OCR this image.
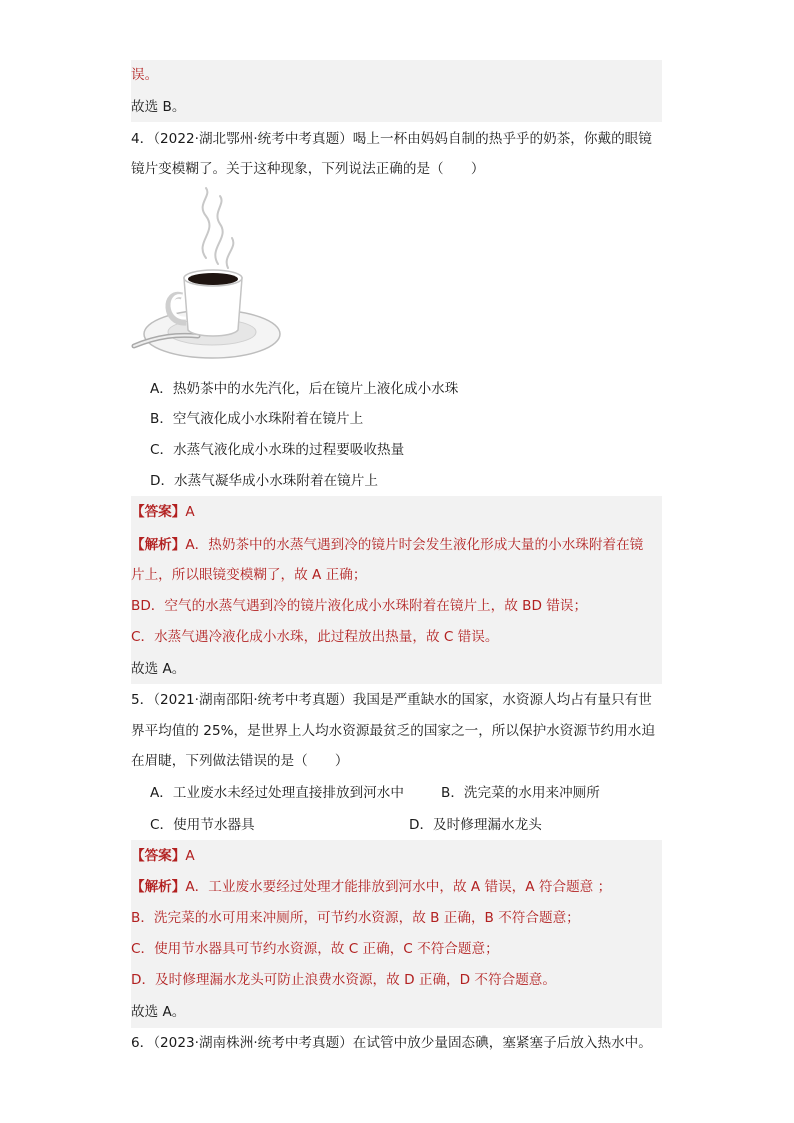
误。
故选 B。
4．（2022·湖北鄂州·统考中考真题）喝上一杯由妈妈自制的热乎乎的奶茶，你戴的眼镜
镜片变模糊了。关于这种现象，下列说法正确的是（　　）
A．热奶茶中的水先汽化，后在镜片上液化成小水珠
B．空气液化成小水珠附着在镜片上
C．水蒸气液化成小水珠的过程要吸收热量
D．水蒸气凝华成小水珠附着在镜片上
【答案】A
【解析】A．热奶茶中的水蒸气遇到冷的镜片时会发生液化形成大量的小水珠附着在镜
片上，所以眼镜变模糊了，故 A 正确；
BD．空气的水蒸气遇到冷的镜片液化成小水珠附着在镜片上，故 BD 错误；
C．水蒸气遇冷液化成小水珠，此过程放出热量，故 C 错误。
故选 A。
5．（2021·湖南邵阳·统考中考真题）我国是严重缺水的国家，水资源人均占有量只有世
界平均值的 25%，是世界上人均水资源最贫乏的国家之一，所以保护水资源节约用水迫
在眉睫，下列做法错误的是（　　）
A．工业废水未经过处理直接排放到河水中	B．洗完菜的水用来冲厕所
C．使用节水器具	D．及时修理漏水龙头
【答案】A
【解析】A．工业废水要经过处理才能排放到河水中，故 A 错误，A 符合题意 ；
B．洗完菜的水可用来冲厕所，可节约水资源，故 B 正确，B 不符合题意；
C．使用节水器具可节约水资源，故 C 正确，C 不符合题意；
D．及时修理漏水龙头可防止浪费水资源，故 D 正确，D 不符合题意。
故选 A。
6．（2023·湖南株洲·统考中考真题）在试管中放少量固态碘，塞紧塞子后放入热水中。
